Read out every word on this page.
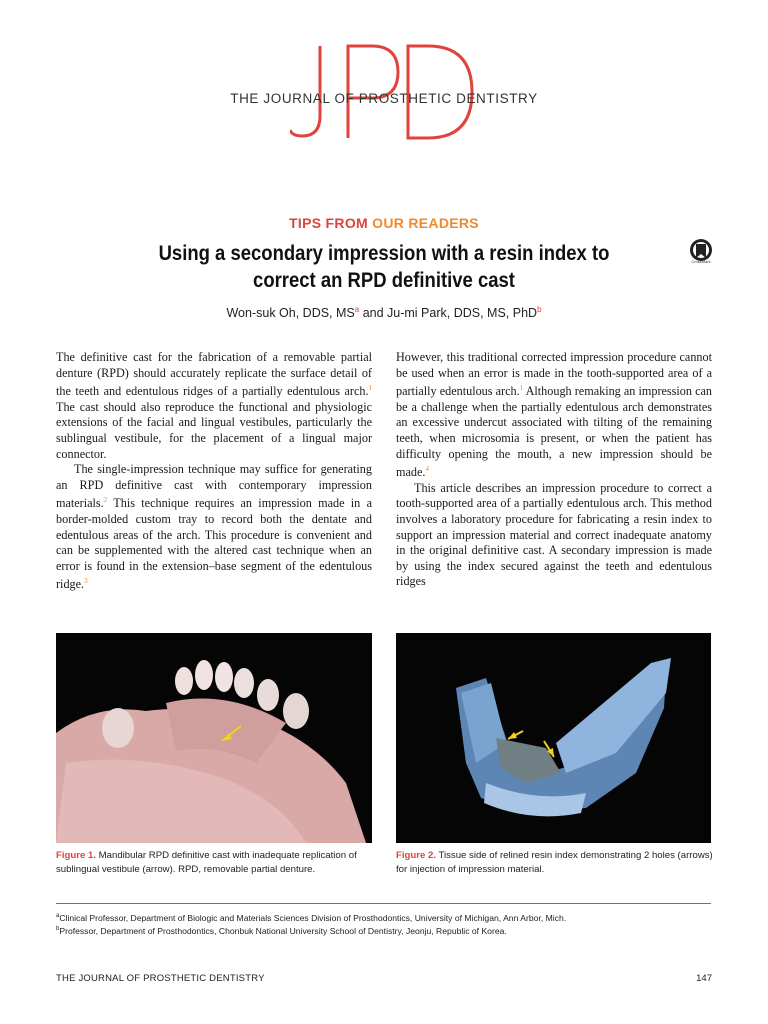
THE JOURNAL OF PROSTHETIC DENTISTRY
TIPS FROM OUR READERS
Using a secondary impression with a resin index to correct an RPD definitive cast
CrossMark
Won-suk Oh, DDS, $MS^a$ and Ju-mi Park, DDS, MS, PhD$^b$

The definitive cast for the fabrication of a removable partial denture (RPD) should accurately replicate the surface detail of the teeth and edentulous ridges of a partially edentulous arch.$^1$ The cast should also reproduce the functional and physiologic extensions of the facial and lingual vestibules, particularly the sublingual vestibule, for the placement of a lingual major connector.

The single-impression technique may suffice for generating an RPD definitive cast with contemporary impression materials.$^2$ This technique requires an impression made in a border-molded custom tray to record both the dentate and edentulous areas of the arch. This procedure is convenient and can be supplemented with the altered cast technique when an error is found in the extension–base segment of the edentulous ridge.$^3$

However, this traditional corrected impression procedure cannot be used when an error is made in the tooth-supported area of a partially edentulous arch.$^1$ Although remaking an impression can be a challenge when the partially edentulous arch demonstrates an excessive undercut associated with tilting of the remaining teeth, when microsomia is present, or when the patient has difficulty opening the mouth, a new impression should be made.$^4$

This article describes an impression procedure to correct a tooth-supported area of a partially edentulous arch. This method involves a laboratory procedure for fabricating a resin index to support an impression material and correct inadequate anatomy in the original definitive cast. A secondary impression is made by using the index secured against the teeth and edentulous ridges

Figure 1. Mandibular RPD definitive cast with inadequate replication of sublingual vestibule (arrow). RPD, removable partial denture.
Figure 2. Tissue side of relined resin index demonstrating 2 holes (arrows) for injection of impression material.
$^a$Clinical Professor, Department of Biologic and Materials Sciences Division of Prosthodontics, University of Michigan, Ann Arbor, Mich.
$^b$Professor, Department of Prosthodontics, Chonbuk National University School of Dentistry, Jeonju, Republic of Korea.
THE JOURNAL OF PROSTHETIC DENTISTRY	147
